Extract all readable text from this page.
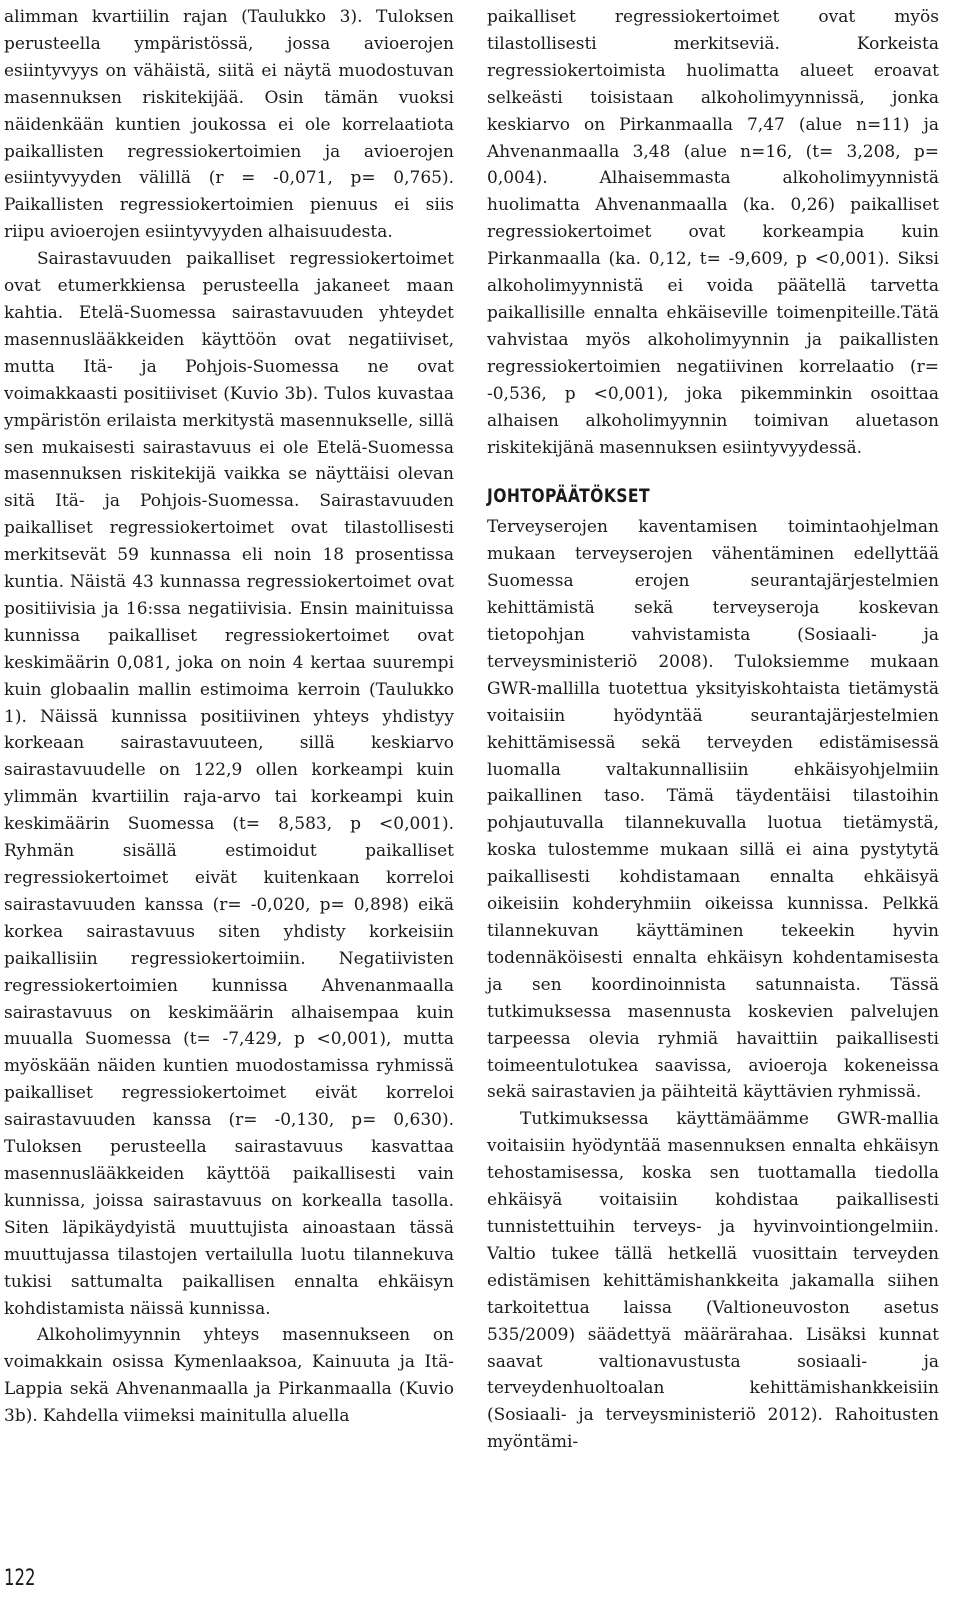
alimman kvartiilin rajan (Taulukko 3). Tuloksen perusteella ympäristössä, jossa avioerojen esiintyvyys on vähäistä, siitä ei näytä muodostuvan masennuksen riskitekijää. Osin tämän vuoksi näidenkään kuntien joukossa ei ole korrelaatiota paikallisten regressiokertoimien ja avioerojen esiintyvyyden välillä (r = -0,071, p= 0,765). Paikallisten regressiokertoimien pienuus ei siis riipu avioerojen esiintyvyyden alhaisuudesta.

Sairastavuuden paikalliset regressiokertoimet ovat etumerkkiensa perusteella jakaneet maan kahtia. Etelä-Suomessa sairastavuuden yhteydet masennuslääkkeiden käyttöön ovat negatiiviset, mutta Itä- ja Pohjois-Suomessa ne ovat voimakkaasti positiiviset (Kuvio 3b). Tulos kuvastaa ympäristön erilaista merkitystä masennukselle, sillä sen mukaisesti sairastavuus ei ole Etelä-Suomessa masennuksen riskitekijä vaikka se näyttäisi olevan sitä Itä- ja Pohjois-Suomessa. Sairastavuuden paikalliset regressiokertoimet ovat tilastollisesti merkitsevät 59 kunnassa eli noin 18 prosentissa kuntia. Näistä 43 kunnassa regressiokertoimet ovat positiivisia ja 16:ssa negatiivisia. Ensin mainituissa kunnissa paikalliset regressiokertoimet ovat keskimäärin 0,081, joka on noin 4 kertaa suurempi kuin globaalin mallin estimoima kerroin (Taulukko 1). Näissä kunnissa positiivinen yhteys yhdistyy korkeaan sairastavuuteen, sillä keskiarvo sairastavuudelle on 122,9 ollen korkeampi kuin ylimmän kvartiilin raja-arvo tai korkeampi kuin keskimäärin Suomessa (t= 8,583, p <0,001). Ryhmän sisällä estimoidut paikalliset regressiokertoimet eivät kuitenkaan korreloi sairastavuuden kanssa (r= -0,020, p= 0,898) eikä korkea sairastavuus siten yhdisty korkeisiin paikallisiin regressiokertoimiin. Negatiivisten regressiokertoimien kunnissa Ahvenanmaalla sairastavuus on keskimäärin alhaisempaa kuin muualla Suomessa (t= -7,429, p <0,001), mutta myöskään näiden kuntien muodostamissa ryhmissä paikalliset regressiokertoimet eivät korreloi sairastavuuden kanssa (r= -0,130, p= 0,630). Tuloksen perusteella sairastavuus kasvattaa masennuslääkkeiden käyttöä paikallisesti vain kunnissa, joissa sairastavuus on korkealla tasolla. Siten läpikäydyistä muuttujista ainoastaan tässä muuttujassa tilastojen vertailulla luotu tilannekuva tukisi sattumalta paikallisen ennalta ehkäisyn kohdistamista näissä kunnissa.

Alkoholimyynnin yhteys masennukseen on voimakkain osissa Kymenlaaksoa, Kainuuta ja Itä-Lappia sekä Ahvenanmaalla ja Pirkanmaalla (Kuvio 3b). Kahdella viimeksi mainitulla aluella

paikalliset regressiokertoimet ovat myös tilastollisesti merkitseviä. Korkeista regressiokertoimista huolimatta alueet eroavat selkeästi toisistaan alkoholimyynnissä, jonka keskiarvo on Pirkanmaalla 7,47 (alue n=11) ja Ahvenanmaalla 3,48 (alue n=16, (t= 3,208, p= 0,004). Alhaisemmasta alkoholimyynnistä huolimatta Ahvenanmaalla (ka. 0,26) paikalliset regressiokertoimet ovat korkeampia kuin Pirkanmaalla (ka. 0,12, t= -9,609, p <0,001). Siksi alkoholimyynnistä ei voida päätellä tarvetta paikallisille ennalta ehkäiseville toimenpiteille.Tätä vahvistaa myös alkoholimyynnin ja paikallisten regressiokertoimien negatiivinen korrelaatio (r= -0,536, p <0,001), joka pikemminkin osoittaa alhaisen alkoholimyynnin toimivan aluetason riskitekijänä masennuksen esiintyvyydessä.

JOHTOPÄÄTÖKSET

Terveyserojen kaventamisen toimintaohjelman mukaan terveyserojen vähentäminen edellyttää Suomessa erojen seurantajärjestelmien kehittämistä sekä terveyseroja koskevan tietopohjan vahvistamista (Sosiaali- ja terveysministeriö 2008). Tuloksiemme mukaan GWR-mallilla tuotettua yksityiskohtaista tietämystä voitaisiin hyödyntää seurantajärjestelmien kehittämisessä sekä terveyden edistämisessä luomalla valtakunnallisiin ehkäisyohjelmiin paikallinen taso. Tämä täydentäisi tilastoihin pohjautuvalla tilannekuvalla luotua tietämystä, koska tulostemme mukaan sillä ei aina pystytytä paikallisesti kohdistamaan ennalta ehkäisyä oikeisiin kohderyhmiin oikeissa kunnissa. Pelkkä tilannekuvan käyttäminen tekeekin hyvin todennäköisesti ennalta ehkäisyn kohdentamisesta ja sen koordinoinnista satunnaista. Tässä tutkimuksessa masennusta koskevien palvelujen tarpeessa olevia ryhmiä havaittiin paikallisesti toimeentulotukea saavissa, avioeroja kokeneissa sekä sairastavien ja päihteitä käyttävien ryhmissä.

Tutkimuksessa käyttämäämme GWR-mallia voitaisiin hyödyntää masennuksen ennalta ehkäisyn tehostamisessa, koska sen tuottamalla tiedolla ehkäisyä voitaisiin kohdistaa paikallisesti tunnistettuihin terveys- ja hyvinvointiongelmiin. Valtio tukee tällä hetkellä vuosittain terveyden edistämisen kehittämishankkeita jakamalla siihen tarkoitettua laissa (Valtioneuvoston asetus 535/2009) säädettyä määrärahaa. Lisäksi kunnat saavat valtionavustusta sosiaali- ja terveydenhuoltoalan kehittämishankkeisiin (Sosiaali- ja terveysministeriö 2012). Rahoitusten myöntämi-

122
